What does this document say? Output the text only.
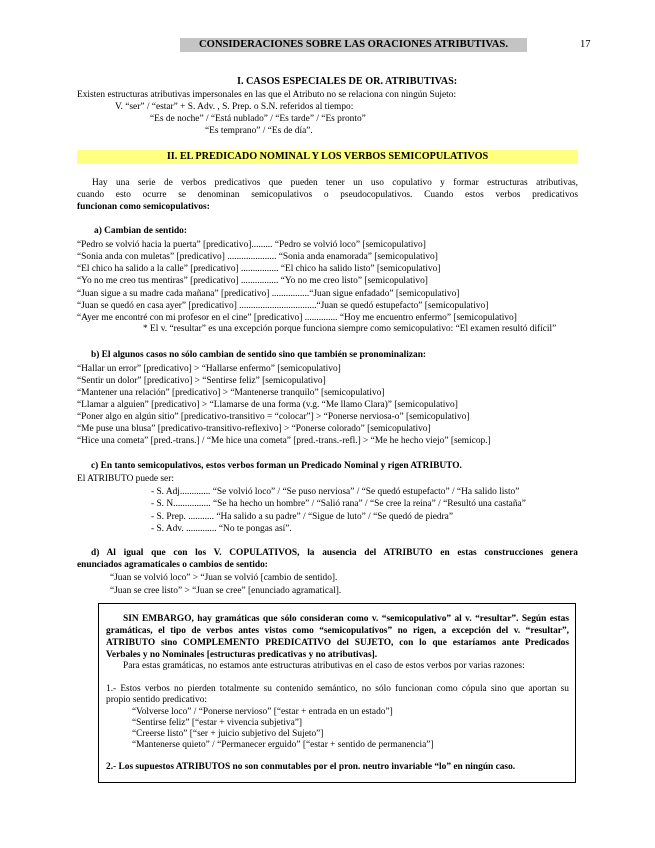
CONSIDERACIONES SOBRE LAS ORACIONES ATRIBUTIVAS.	17
I. CASOS ESPECIALES DE OR. ATRIBUTIVAS:
Existen estructuras atributivas impersonales en las que el Atributo no se relaciona con ningún Sujeto:
V. “ser” / “estar” + S. Adv. , S. Prep. o S.N. referidos al tiempo:
“Es de noche” / “Está nublado” / “Es tarde” / “Es pronto”
“Es temprano” / “Es de día”.
II. EL PREDICADO NOMINAL Y LOS VERBOS SEMICOPULATIVOS
Hay una serie de verbos predicativos que pueden tener un uso copulativo y formar estructuras atributivas,
cuando esto ocurre se denominan semicopulativos o pseudocopulativos. Cuando estos verbos predicativos
funcionan como semicopulativos:
a) Cambian de sentido:
“Pedro se volvió hacia la puerta” [predicativo]......... “Pedro se volvió loco” [semicopulativo]
“Sonia anda con muletas” [predicativo] ..................... “Sonia anda enamorada” [semicopulativo]
“El chico ha salido a la calle” [predicativo] ................ “El chico ha salido listo” [semicopulativo]
“Yo no me creo tus mentiras” [predicativo] ................ “Yo no me creo listo” [semicopulativo]
“Juan sigue a su madre cada mañana” [predicativo] ................“Juan sigue enfadado” [semicopulativo]
“Juan se quedó en casa ayer” [predicativo] .................................“Juan se quedó estupefacto” [semicopulativo]
“Ayer me encontré con mi profesor en el cine” [predicativo] .............. “Hoy me encuentro enfermo” [semicopulativo]
* El v. “resultar” es una excepción porque funciona siempre como semicopulativo: “El examen resultó difícil”
b) El algunos casos no sólo cambian de sentido sino que también se pronominalizan:
“Hallar un error” [predicativo] > “Hallarse enfermo” [semicopulativo]
“Sentir un dolor” [predicativo] > “Sentirse feliz” [semicopulativo]
“Mantener una relación” [predicativo] > “Mantenerse tranquilo” [semicopulativo]
“Llamar a alguien” [predicativo] > “Llamarse de una forma (v.g. “Me llamo Clara)” [semicopulativo]
“Poner algo en algún sitio” [predicativo-transitivo = “colocar”] > “Ponerse nerviosa-o” [semicopulativo]
“Me puse una blusa” [predicativo-transitivo-reflexivo] > “Ponerse colorado” [semicopulativo]
“Hice una cometa” [pred.-trans.] / “Me hice una cometa” [pred.-trans.-refl.] > “Me he hecho viejo” [semicop.]
c) En tanto semicopulativos, estos verbos forman un Predicado Nominal y rigen ATRIBUTO.
El ATRIBUTO puede ser:
- S. Adj............. “Se volvió loco” / “Se puso nerviosa” / “Se quedó estupefacto” / “Ha salido listo”
- S. N................ “Se ha hecho un hombre” / “Salió rana” / “Se cree la reina” / “Resultó una castaña”
- S. Prep. ........... “Ha salido a su padre” / “Sigue de luto” / “Se quedó de piedra”
- S. Adv. ............. “No te pongas así”.
d) Al igual que con los V. COPULATIVOS, la ausencia del ATRIBUTO en estas construcciones genera
enunciados agramaticales o cambios de sentido:
“Juan se volvió loco” > “Juan se volvió [cambio de sentido].
“Juan se cree listo” > “Juan se cree” [enunciado agramatical].
SIN EMBARGO, hay gramáticas que sólo consideran como v. “semicopulativo” al v. “resultar”. Según estas
gramáticas, el tipo de verbos antes vistos como “semicopulativos” no rigen, a excepción del v. “resultar”,
ATRIBUTO sino COMPLEMENTO PREDICATIVO del SUJETO, con lo que estaríamos ante Predicados
Verbales y no Nominales [estructuras predicativas y no atributivas].
Para estas gramáticas, no estamos ante estructuras atributivas en el caso de estos verbos por varias razones:
1.- Estos verbos no pierden totalmente su contenido semántico, no sólo funcionan como cópula sino que aportan su
propio sentido predicativo:
“Volverse loco” / “Ponerse nervioso” [“estar + entrada en un estado”]
“Sentirse feliz” [“estar + vivencia subjetiva”]
“Creerse listo” [“ser + juicio subjetivo del Sujeto”]
“Mantenerse quieto” / “Permanecer erguido” [“estar + sentido de permanencia”]
2.- Los supuestos ATRIBUTOS no son conmutables por el pron. neutro invariable “lo” en ningún caso.
